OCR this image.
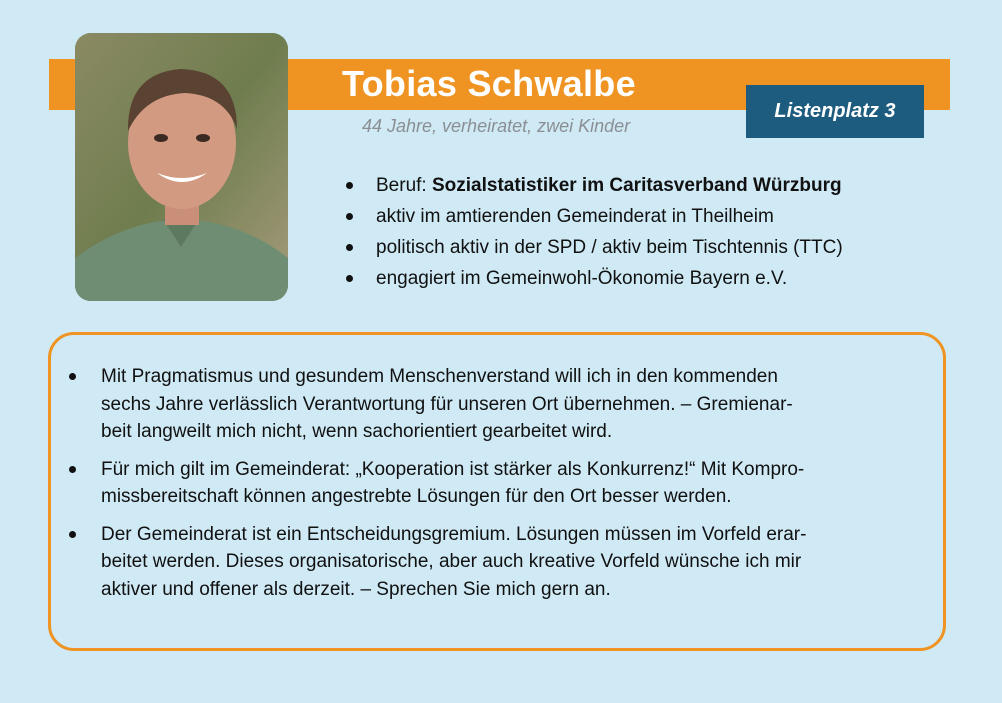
Tobias Schwalbe
44 Jahre, verheiratet, zwei Kinder
Listenplatz 3
Beruf: Sozialstatistiker im Caritasverband Würzburg
aktiv im amtierenden Gemeinderat in Theilheim
politisch aktiv in der SPD / aktiv beim Tischtennis (TTC)
engagiert im Gemeinwohl-Ökonomie Bayern e.V.
Mit Pragmatismus und gesundem Menschenverstand will ich in den kommenden
sechs Jahre verlässlich Verantwortung für unseren Ort übernehmen. – Gremienar-
beit langweilt mich nicht, wenn sachorientiert gearbeitet wird.
Für mich gilt im Gemeinderat: „Kooperation ist stärker als Konkurrenz!“ Mit Kompro-
missbereitschaft können angestrebte Lösungen für den Ort besser werden.
Der Gemeinderat ist ein Entscheidungsgremium. Lösungen müssen im Vorfeld erar-
beitet werden. Dieses organisatorische, aber auch kreative Vorfeld wünsche ich mir
aktiver und offener als derzeit. – Sprechen Sie mich gern an.
